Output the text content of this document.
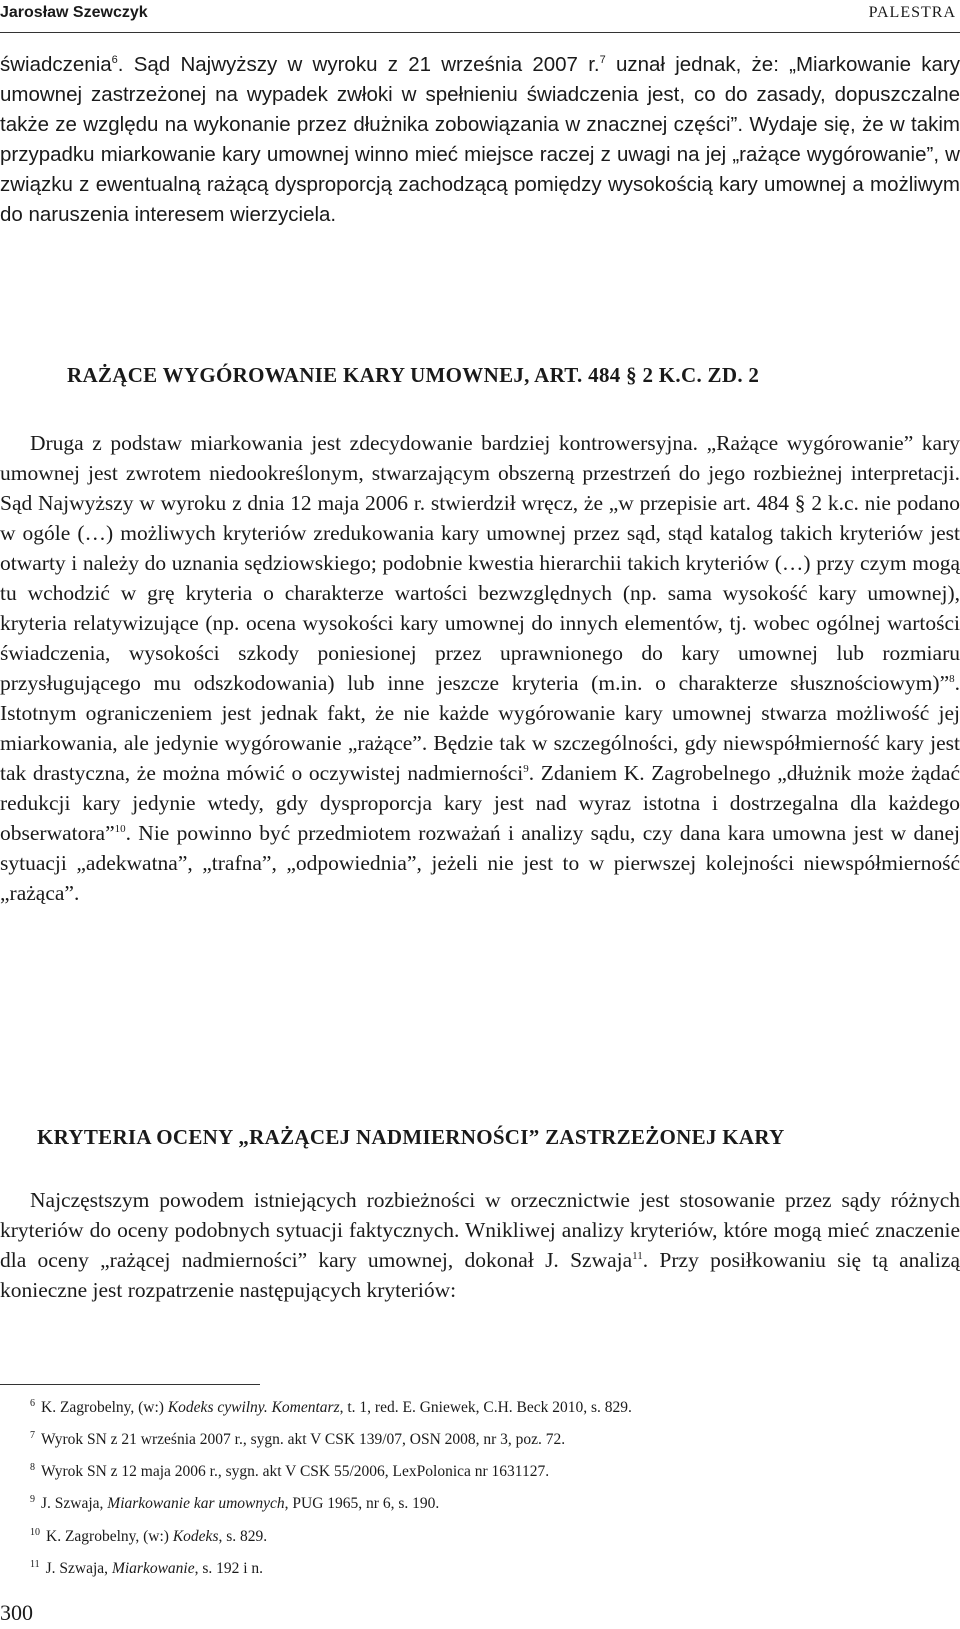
Jarosław Szewczyk	PALESTRA

świadczenia$^6$. Sąd Najwyższy w wyroku z 21 września 2007 r.$^7$ uznał jednak, że: „Miarkowanie kary umownej zastrzeżonej na wypadek zwłoki w spełnieniu świadczenia jest, co do zasady, dopuszczalne także ze względu na wykonanie przez dłużnika zobowiązania w znacznej części”. Wydaje się, że w takim przypadku miarkowanie kary umownej winno mieć miejsce raczej z uwagi na jej „rażące wygórowanie”, w związku z ewentualną rażącą dysproporcją zachodzącą pomiędzy wysokością kary umownej a możliwym do naruszenia interesem wierzyciela.

RAŻĄCE WYGÓROWANIE KARY UMOWNEJ, ART. 484 § 2 K.C. ZD. 2

Druga z podstaw miarkowania jest zdecydowanie bardziej kontrowersyjna. „Rażące wygórowanie” kary umownej jest zwrotem niedookreślonym, stwarzającym obszerną przestrzeń do jego rozbieżnej interpretacji. Sąd Najwyższy w wyroku z dnia 12 maja 2006 r. stwierdził wręcz, że „w przepisie art. 484 § 2 k.c. nie podano w ogóle (…) możliwych kryteriów zredukowania kary umownej przez sąd, stąd katalog takich kryteriów jest otwarty i należy do uznania sędziowskiego; podobnie kwestia hierarchii takich kryteriów (…) przy czym mogą tu wchodzić w grę kryteria o charakterze wartości bezwzględnych (np. sama wysokość kary umownej), kryteria relatywizujące (np. ocena wysokości kary umownej do innych elementów, tj. wobec ogólnej wartości świadczenia, wysokości szkody poniesionej przez uprawnionego do kary umownej lub rozmiaru przysługującego mu odszkodowania) lub inne jeszcze kryteria (m.in. o charakterze słusznościowym)”$^8$. Istotnym ograniczeniem jest jednak fakt, że nie każde wygórowanie kary umownej stwarza możliwość jej miarkowania, ale jedynie wygórowanie „rażące”. Będzie tak w szczególności, gdy niewspółmierność kary jest tak drastyczna, że można mówić o oczywistej nadmierności$^9$. Zdaniem K. Zagrobelnego „dłużnik może żądać redukcji kary jedynie wtedy, gdy dysproporcja kary jest nad wyraz istotna i dostrzegalna dla każdego obserwatora”$^{10}$. Nie powinno być przedmiotem rozważań i analizy sądu, czy dana kara umowna jest w danej sytuacji „adekwatna”, „trafna”, „odpowiednia”, jeżeli nie jest to w pierwszej kolejności niewspółmierność „rażąca”.

KRYTERIA OCENY „RAŻĄCEJ NADMIERNOŚCI” ZASTRZEŻONEJ KARY

Najczęstszym powodem istniejących rozbieżności w orzecznictwie jest stosowanie przez sądy różnych kryteriów do oceny podobnych sytuacji faktycznych. Wnikliwej analizy kryteriów, które mogą mieć znaczenie dla oceny „rażącej nadmierności” kary umownej, dokonał J. Szwaja$^{11}$. Przy posiłkowaniu się tą analizą konieczne jest rozpatrzenie następujących kryteriów:

$^6$ K. Zagrobelny, (w:) Kodeks cywilny. Komentarz, t. 1, red. E. Gniewek, C.H. Beck 2010, s. 829.
$^7$ Wyrok SN z 21 września 2007 r., sygn. akt V CSK 139/07, OSN 2008, nr 3, poz. 72.
$^8$ Wyrok SN z 12 maja 2006 r., sygn. akt V CSK 55/2006, LexPolonica nr 1631127.
$^9$ J. Szwaja, Miarkowanie kar umownych, PUG 1965, nr 6, s. 190.
$^{10}$ K. Zagrobelny, (w:) Kodeks, s. 829.
$^{11}$ J. Szwaja, Miarkowanie, s. 192 i n.
300
